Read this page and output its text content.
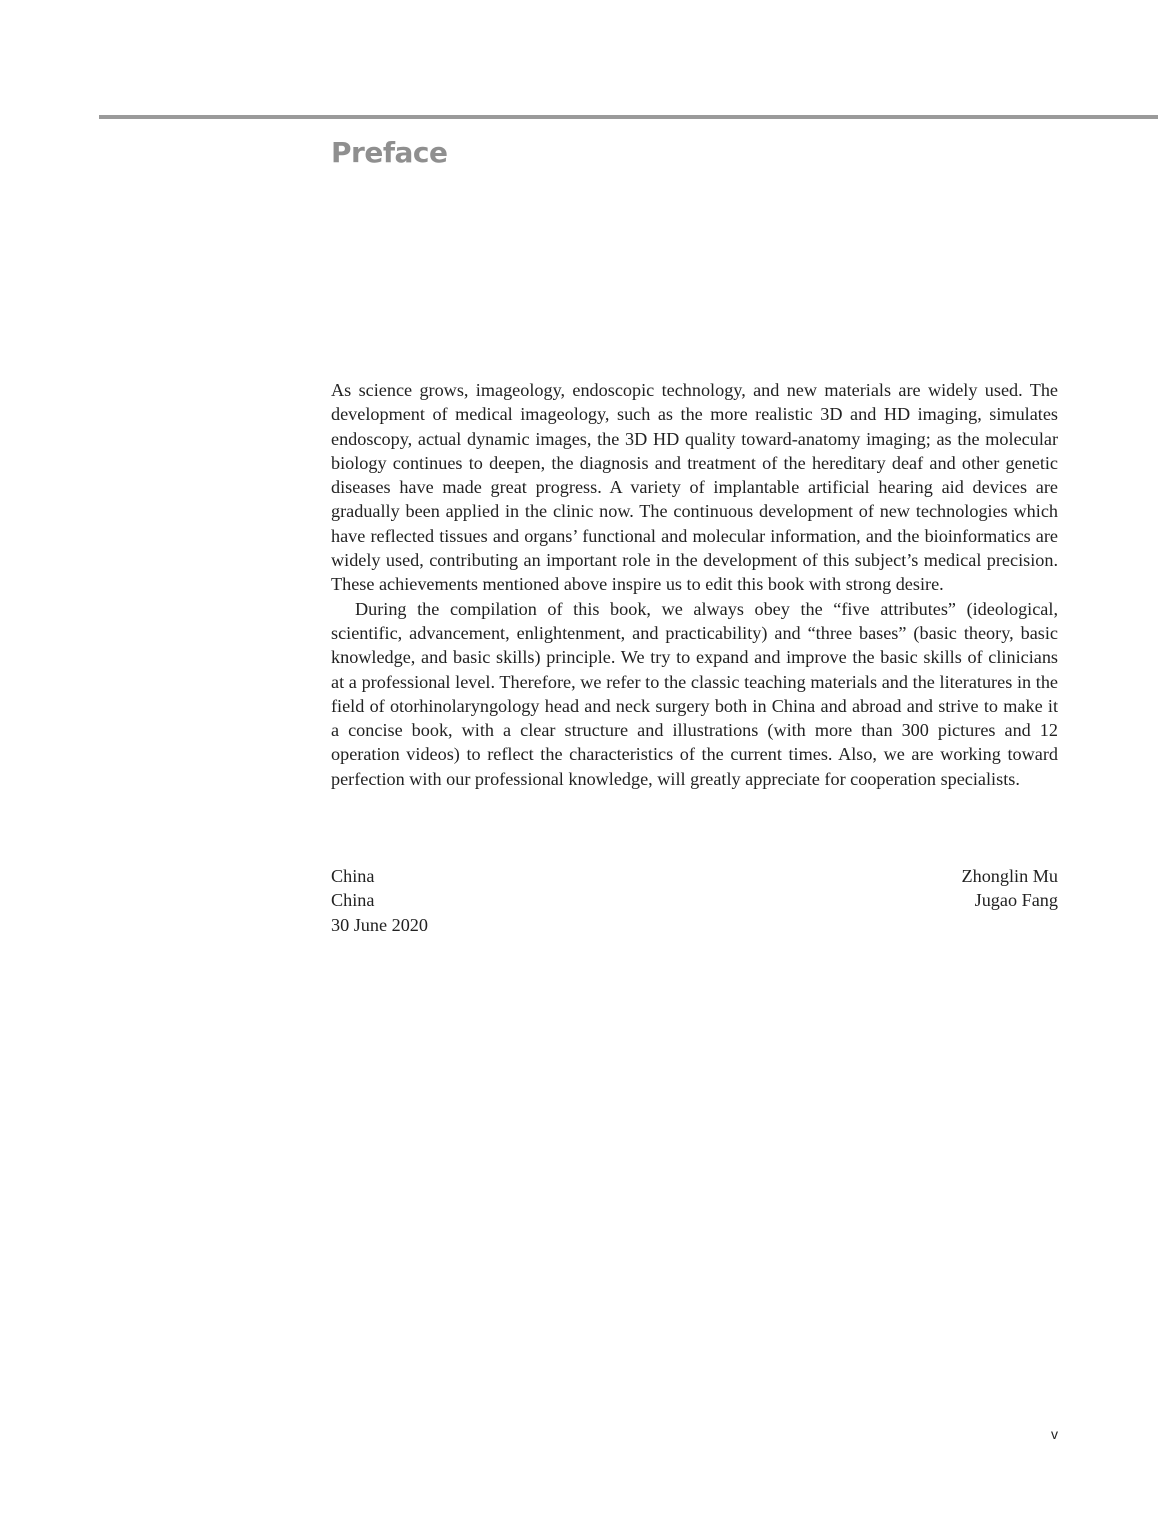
Preface

As science grows, imageology, endoscopic technology, and new materials are widely used. The development of medical imageology, such as the more realistic 3D and HD imaging, simulates endoscopy, actual dynamic images, the 3D HD quality toward-anatomy imaging; as the molecular biology continues to deepen, the diagnosis and treatment of the hereditary deaf and other genetic diseases have made great progress. A variety of implantable artificial hearing aid devices are gradually been applied in the clinic now. The continuous development of new technologies which have reflected tissues and organs’ functional and molecular information, and the bioinformatics are widely used, contributing an important role in the development of this subject’s medical precision. These achievements mentioned above inspire us to edit this book with strong desire.

During the compilation of this book, we always obey the “five attributes” (ideological, scientific, advancement, enlightenment, and practicability) and “three bases” (basic theory, basic knowledge, and basic skills) principle. We try to expand and improve the basic skills of clinicians at a professional level. Therefore, we refer to the classic teaching materials and the literatures in the field of otorhinolaryngology head and neck surgery both in China and abroad and strive to make it a concise book, with a clear structure and illustrations (with more than 300 pictures and 12 operation videos) to reflect the characteristics of the current times. Also, we are working toward perfection with our professional knowledge, will greatly appreciate for cooperation specialists.

China	Zhonglin Mu
China	Jugao Fang
30 June 2020
v
